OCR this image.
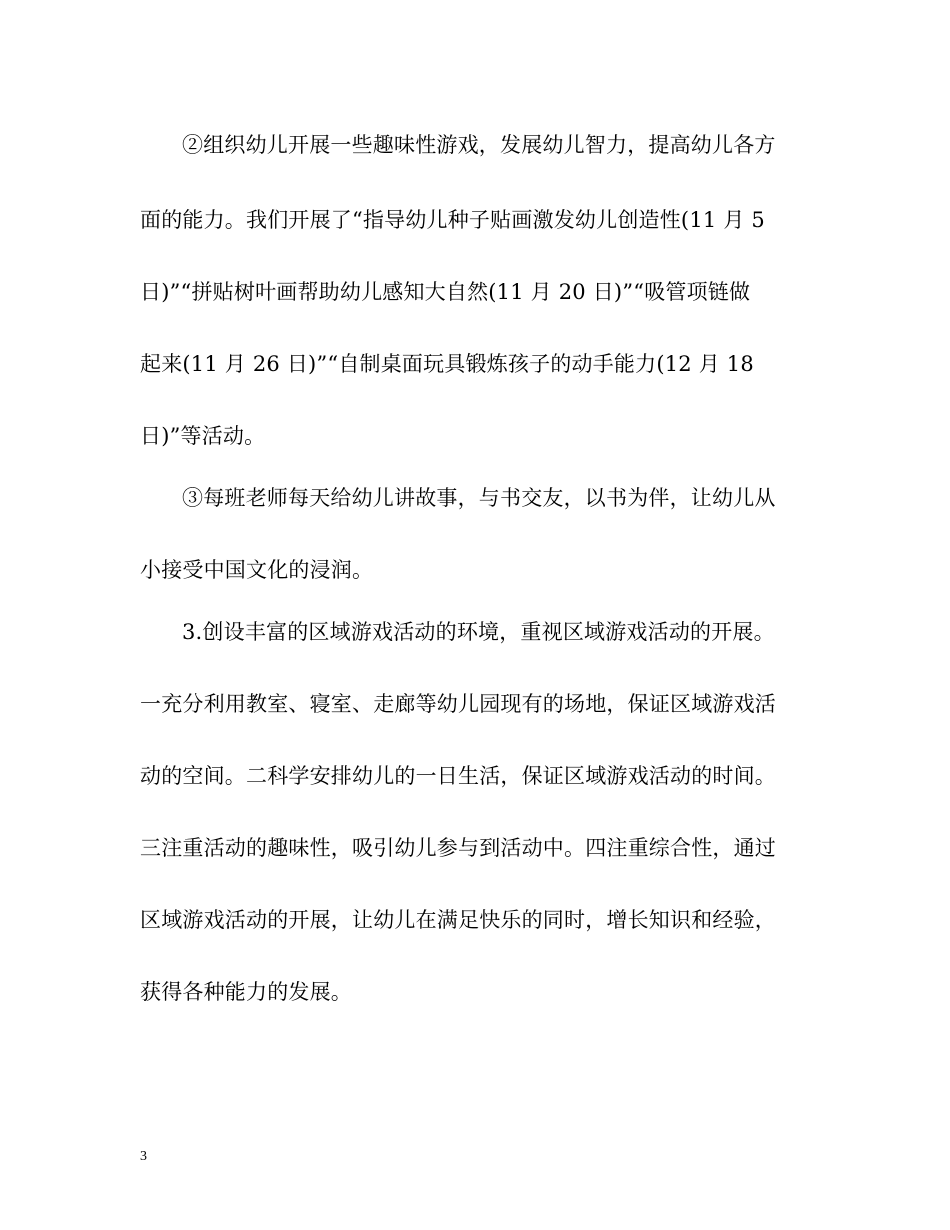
②组织幼儿开展一些趣味性游戏，发展幼儿智力，提高幼儿各方
面的能力。我们开展了“指导幼儿种子贴画激发幼儿创造性(11 月 5
日)”“拼贴树叶画帮助幼儿感知大自然(11 月 20 日)”“吸管项链做
起来(11 月 26 日)”“自制桌面玩具锻炼孩子的动手能力(12 月 18
日)”等活动。
③每班老师每天给幼儿讲故事，与书交友，以书为伴，让幼儿从
小接受中国文化的浸润。
3.创设丰富的区域游戏活动的环境，重视区域游戏活动的开展。
一充分利用教室、寝室、走廊等幼儿园现有的场地，保证区域游戏活
动的空间。二科学安排幼儿的一日生活，保证区域游戏活动的时间。
三注重活动的趣味性，吸引幼儿参与到活动中。四注重综合性，通过
区域游戏活动的开展，让幼儿在满足快乐的同时，增长知识和经验，
获得各种能力的发展。
3
